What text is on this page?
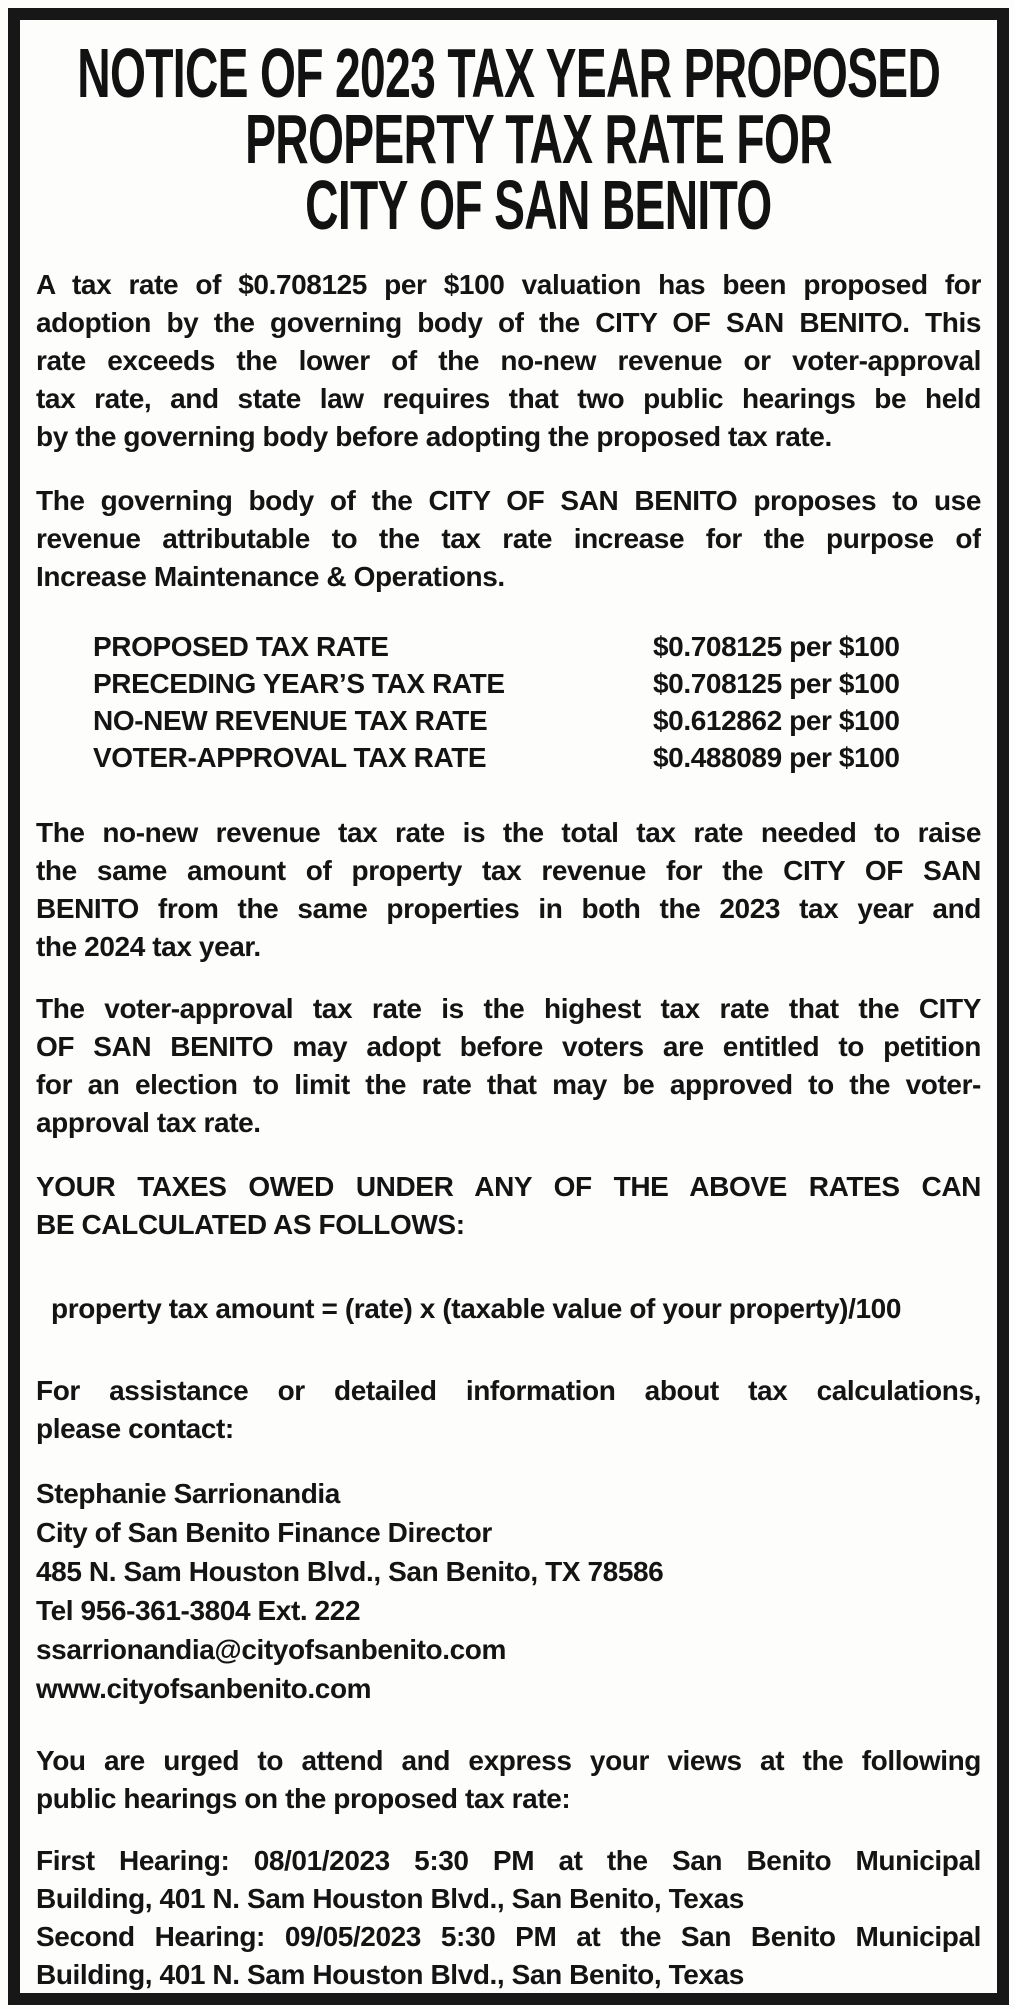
NOTICE OF 2023 TAX YEAR PROPOSED
PROPERTY TAX RATE FOR
CITY OF SAN BENITO
A tax rate of $0.708125 per $100 valuation has been proposed for
adoption by the governing body of the CITY OF SAN BENITO. This
rate exceeds the lower of the no-new revenue or voter-approval
tax rate, and state law requires that two public hearings be held
by the governing body before adopting the proposed tax rate.
The governing body of the CITY OF SAN BENITO proposes to use
revenue attributable to the tax rate increase for the purpose of
Increase Maintenance & Operations.
PROPOSED TAX RATE	$0.708125 per $100
PRECEDING YEAR’S TAX RATE	$0.708125 per $100
NO-NEW REVENUE TAX RATE	$0.612862 per $100
VOTER-APPROVAL TAX RATE	$0.488089 per $100
The no-new revenue tax rate is the total tax rate needed to raise
the same amount of property tax revenue for the CITY OF SAN
BENITO from the same properties in both the 2023 tax year and
the 2024 tax year.
The voter-approval tax rate is the highest tax rate that the CITY
OF SAN BENITO may adopt before voters are entitled to petition
for an election to limit the rate that may be approved to the voter-
approval tax rate.
YOUR TAXES OWED UNDER ANY OF THE ABOVE RATES CAN
BE CALCULATED AS FOLLOWS:
property tax amount = (rate) x (taxable value of your property)/100
For assistance or detailed information about tax calculations,
please contact:
Stephanie Sarrionandia
City of San Benito Finance Director
485 N. Sam Houston Blvd., San Benito, TX 78586
Tel 956-361-3804 Ext. 222
ssarrionandia@cityofsanbenito.com
www.cityofsanbenito.com
You are urged to attend and express your views at the following
public hearings on the proposed tax rate:
First Hearing: 08/01/2023 5:30 PM at the San Benito Municipal
Building, 401 N. Sam Houston Blvd., San Benito, Texas
Second Hearing: 09/05/2023 5:30 PM at the San Benito Municipal
Building, 401 N. Sam Houston Blvd., San Benito, Texas
